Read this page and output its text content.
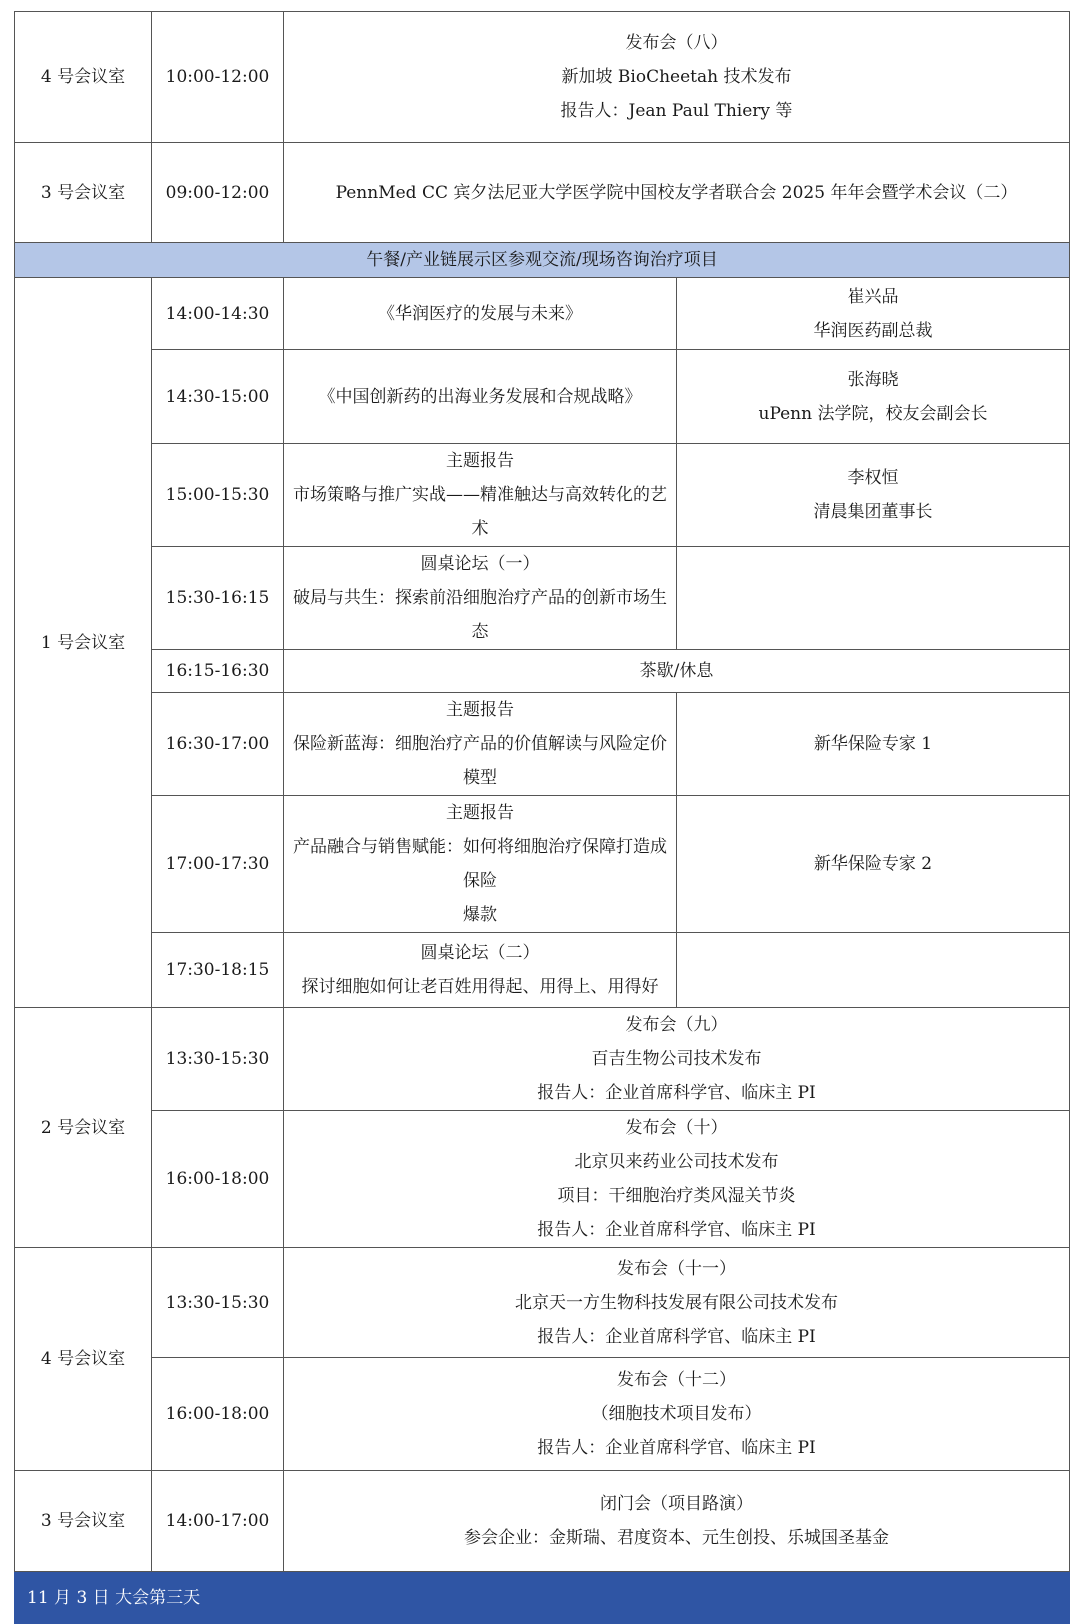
4 号会议室	10:00-12:00	发布会（八）
新加坡 BioCheetah 技术发布
报告人：Jean Paul Thiery 等	

3 号会议室	09:00-12:00	PennMed CC 宾夕法尼亚大学医学院中国校友学者联合会 2025 年年会暨学术会议（二）	

午餐/产业链展示区参观交流/现场咨询治疗项目			
1 号会议室	14:00-14:30	《华润医疗的发展与未来》	崔兴品
华润医药副总裁

	14:30-15:00	《中国创新药的出海业务发展和合规战略》	张海晓
uPenn 法学院，校友会副会长

	15:00-15:30	主题报告
市场策略与推广实战——精准触达与高效转化的艺术	李权恒
清晨集团董事长

	15:30-16:15	圆桌论坛（一）
破局与共生：探索前沿细胞治疗产品的创新市场生态	

	16:15-16:30	茶歇/休息	
	16:30-17:00	主题报告
保险新蓝海：细胞治疗产品的价值解读与风险定价模型	新华保险专家 1

	17:00-17:30	主题报告
产品融合与销售赋能：如何将细胞治疗保障打造成保险
爆款	新华保险专家 2

	17:30-18:15	圆桌论坛（二）
探讨细胞如何让老百姓用得起、用得上、用得好	

2 号会议室	13:30-15:30	发布会（九）
百吉生物公司技术发布
报告人：企业首席科学官、临床主 PI	

	16:00-18:00	发布会（十）
北京贝来药业公司技术发布
项目：干细胞治疗类风湿关节炎
报告人：企业首席科学官、临床主 PI	

4 号会议室	13:30-15:30	发布会（十一）
北京天一方生物科技发展有限公司技术发布
报告人：企业首席科学官、临床主 PI	

	16:00-18:00	发布会（十二）
（细胞技术项目发布）
报告人：企业首席科学官、临床主 PI	

3 号会议室	14:00-17:00	闭门会（项目路演）
参会企业：金斯瑞、君度资本、元生创投、乐城国圣基金	

11 月 3 日 大会第三天			
